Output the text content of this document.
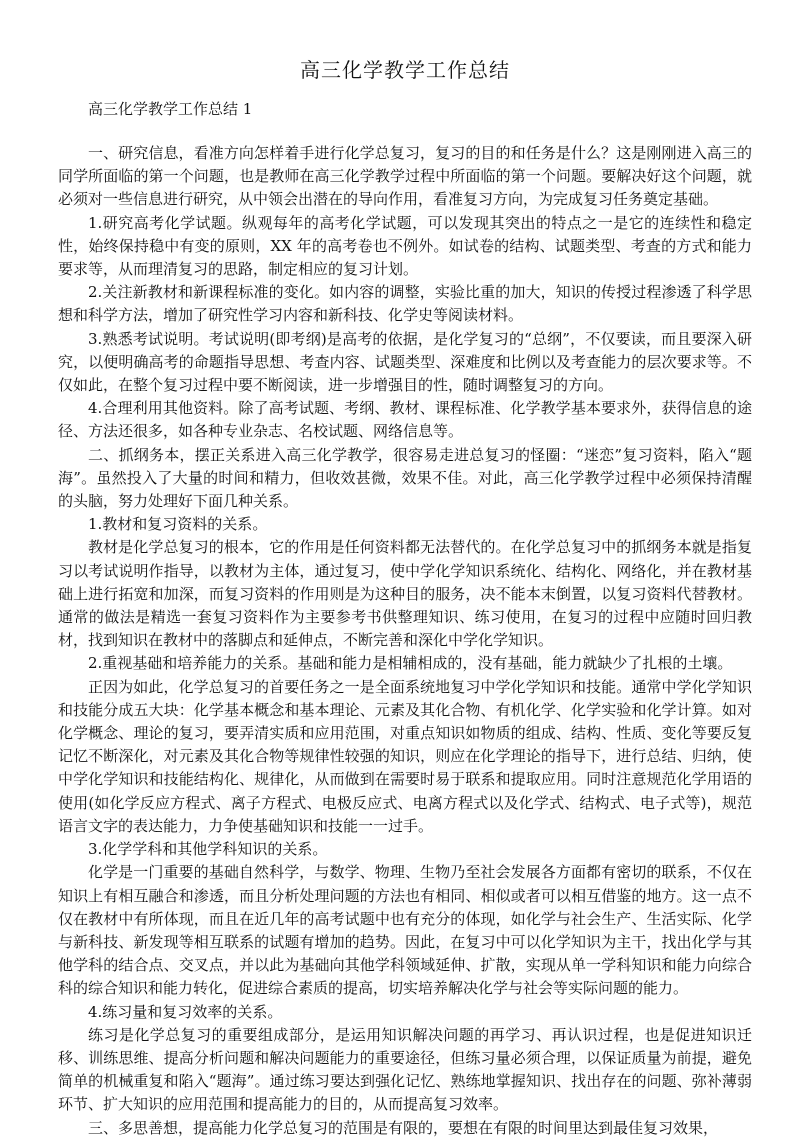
高三化学教学工作总结

高三化学教学工作总结 1

一、研究信息，看准方向怎样着手进行化学总复习，复习的目的和任务是什么？这是刚刚进入高三的同学所面临的第一个问题，也是教师在高三化学教学过程中所面临的第一个问题。要解决好这个问题，就必须对一些信息进行研究，从中领会出潜在的导向作用，看准复习方向，为完成复习任务奠定基础。

1.研究高考化学试题。纵观每年的高考化学试题，可以发现其突出的特点之一是它的连续性和稳定性，始终保持稳中有变的原则，XX 年的高考卷也不例外。如试卷的结构、试题类型、考查的方式和能力要求等，从而理清复习的思路，制定相应的复习计划。

2.关注新教材和新课程标准的变化。如内容的调整，实验比重的加大，知识的传授过程渗透了科学思想和科学方法，增加了研究性学习内容和新科技、化学史等阅读材料。

3.熟悉考试说明。考试说明(即考纲)是高考的依据，是化学复习的“总纲”，不仅要读，而且要深入研究，以便明确高考的命题指导思想、考查内容、试题类型、深难度和比例以及考查能力的层次要求等。不仅如此，在整个复习过程中要不断阅读，进一步增强目的性，随时调整复习的方向。

4.合理利用其他资料。除了高考试题、考纲、教材、课程标准、化学教学基本要求外，获得信息的途径、方法还很多，如各种专业杂志、名校试题、网络信息等。

二、抓纲务本，摆正关系进入高三化学教学，很容易走进总复习的怪圈：“迷恋”复习资料，陷入“题海”。虽然投入了大量的时间和精力，但收效甚微，效果不佳。对此，高三化学教学过程中必须保持清醒的头脑，努力处理好下面几种关系。

1.教材和复习资料的关系。

教材是化学总复习的根本，它的作用是任何资料都无法替代的。在化学总复习中的抓纲务本就是指复习以考试说明作指导，以教材为主体，通过复习，使中学化学知识系统化、结构化、网络化，并在教材基础上进行拓宽和加深，而复习资料的作用则是为这种目的服务，决不能本末倒置，以复习资料代替教材。通常的做法是精选一套复习资料作为主要参考书供整理知识、练习使用，在复习的过程中应随时回归教材，找到知识在教材中的落脚点和延伸点，不断完善和深化中学化学知识。

2.重视基础和培养能力的关系。基础和能力是相辅相成的，没有基础，能力就缺少了扎根的土壤。

正因为如此，化学总复习的首要任务之一是全面系统地复习中学化学知识和技能。通常中学化学知识和技能分成五大块：化学基本概念和基本理论、元素及其化合物、有机化学、化学实验和化学计算。如对化学概念、理论的复习，要弄清实质和应用范围，对重点知识如物质的组成、结构、性质、变化等要反复记忆不断深化，对元素及其化合物等规律性较强的知识，则应在化学理论的指导下，进行总结、归纳，使中学化学知识和技能结构化、规律化，从而做到在需要时易于联系和提取应用。同时注意规范化学用语的使用(如化学反应方程式、离子方程式、电极反应式、电离方程式以及化学式、结构式、电子式等)，规范语言文字的表达能力，力争使基础知识和技能一一过手。

3.化学学科和其他学科知识的关系。

化学是一门重要的基础自然科学，与数学、物理、生物乃至社会发展各方面都有密切的联系，不仅在知识上有相互融合和渗透，而且分析处理问题的方法也有相同、相似或者可以相互借鉴的地方。这一点不仅在教材中有所体现，而且在近几年的高考试题中也有充分的体现，如化学与社会生产、生活实际、化学与新科技、新发现等相互联系的试题有增加的趋势。因此，在复习中可以化学知识为主干，找出化学与其他学科的结合点、交叉点，并以此为基础向其他学科领域延伸、扩散，实现从单一学科知识和能力向综合科的综合知识和能力转化，促进综合素质的提高，切实培养解决化学与社会等实际问题的能力。

4.练习量和复习效率的关系。

练习是化学总复习的重要组成部分，是运用知识解决问题的再学习、再认识过程，也是促进知识迁移、训练思维、提高分析问题和解决问题能力的重要途径，但练习量必须合理，以保证质量为前提，避免简单的机械重复和陷入“题海”。通过练习要达到强化记忆、熟练地掌握知识、找出存在的问题、弥补薄弱环节、扩大知识的应用范围和提高能力的目的，从而提高复习效率。

三、多思善想，提高能力化学总复习的范围是有限的，要想在有限的时间里达到最佳复习效果，
